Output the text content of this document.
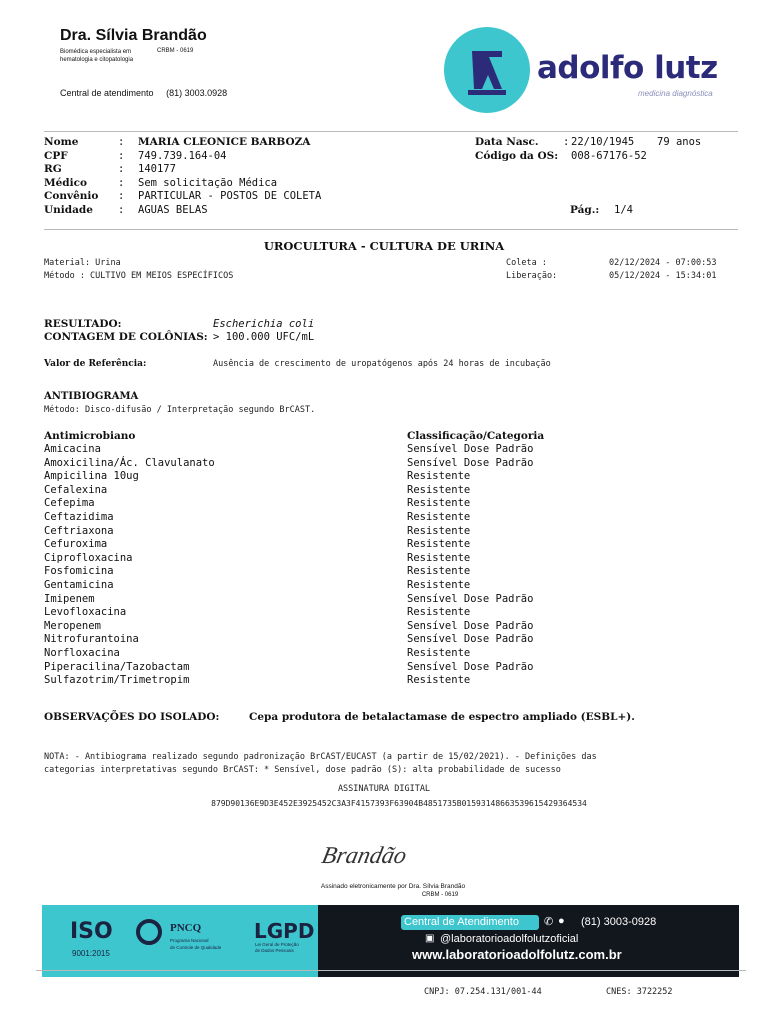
Dra. Sílvia Brandão
Biomédica especialista em hematologia e citopatologia
CRBM - 0619
Central de atendimento (81) 3003.0928
adolfo lutz
medicina diagnóstica
Nome	: MARIA CLEONICE BARBOZA
CPF	: 749.739.164-04
RG	: 140177
Médico	: Sem solicitação Médica
Convênio : PARTICULAR - POSTOS DE COLETA
Unidade : AGUAS BELAS
Data Nasc. : 22/10/1945 79 anos
Código da OS: 008-67176-52
Pág.: 1/4
UROCULTURA - CULTURA DE URINA
Material: Urina
Método : CULTIVO EM MEIOS ESPECÍFICOS
Coleta :	02/12/2024 - 07:00:53
Liberação:	05/12/2024 - 15:34:01
RESULTADO:	Escherichia coli
CONTAGEM DE COLÔNIAS: > 100.000 UFC/mL
Valor de Referência:	Ausência de crescimento de uropatógenos após 24 horas de incubação
ANTIBIOGRAMA
Método: Disco-difusão / Interpretação segundo BrCAST.
Antimicrobiano	Classificação/Categoria
Amicacina	Sensível Dose Padrão
Amoxicilina/Ác. Clavulanato	Sensível Dose Padrão
Ampicilina 10ug	Resistente
Cefalexina	Resistente
Cefepima	Resistente
Ceftazidima	Resistente
Ceftriaxona	Resistente
Cefuroxima	Resistente
Ciprofloxacina	Resistente
Fosfomicina	Resistente
Gentamicina	Resistente
Imipenem	Sensível Dose Padrão
Levofloxacina	Resistente
Meropenem	Sensível Dose Padrão
Nitrofurantoina	Sensível Dose Padrão
Norfloxacina	Resistente
Piperacilina/Tazobactam	Sensível Dose Padrão
Sulfazotrim/Trimetropim	Resistente
OBSERVAÇÕES DO ISOLADO:	Cepa produtora de betalactamase de espectro ampliado (ESBL+).
NOTA: - Antibiograma realizado segundo padronização BrCAST/EUCAST (a partir de 15/02/2021). - Definições das
categorias interpretativas segundo BrCAST: * Sensível, dose padrão (S): alta probabilidade de sucesso
ASSINATURA DIGITAL
879D90136E9D3E452E3925452C3A3F4157393F63904B4851735B0159314866353961542936453​4
Brandão
Assinado eletronicamente por Dra. Sílvia Brandão
CRBM - 0619
ISO
9001:2015
PNCQ
Programa Nacional
de Controle de Qualidade
LGPD
Lei Geral de Proteção
de Dados Pessoais
Central de Atendimento ✆ ● (81) 3003-0928
▣ @laboratorioadolfolutzoficial
www.laboratorioadolfolutz.com.br
CNPJ: 07.254.131/001-44	CNES: 3722252
